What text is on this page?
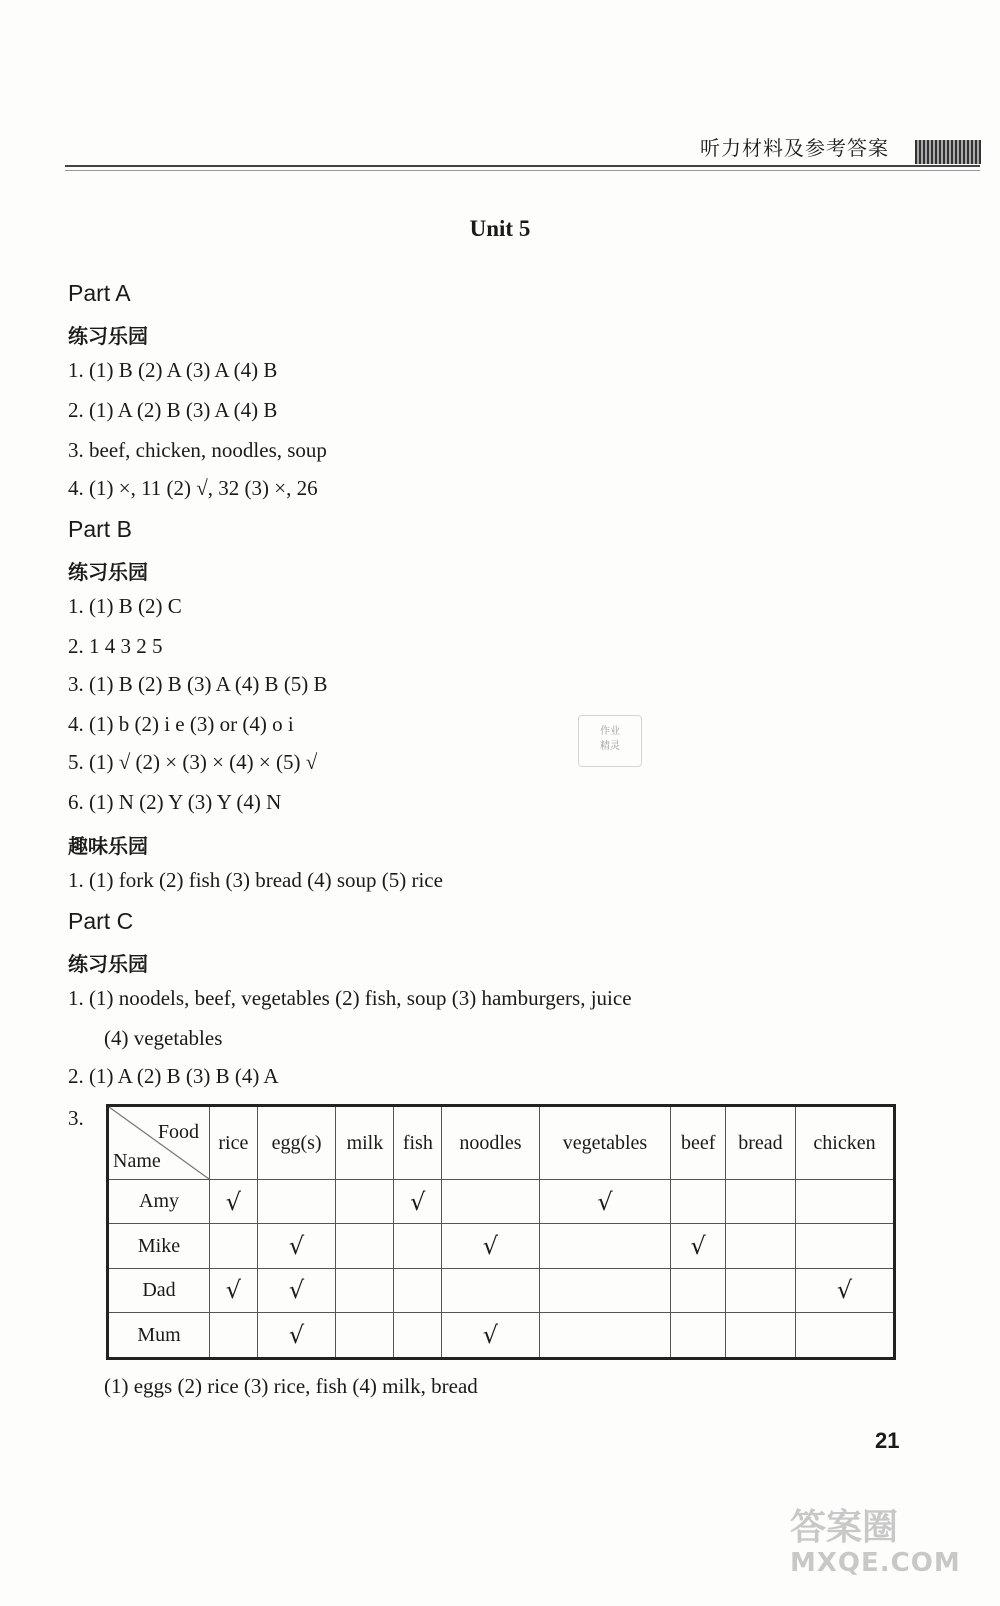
听力材料及参考答案
Unit 5
Part A
练习乐园
1. (1) B (2) A (3) A (4) B
2. (1) A (2) B (3) A (4) B
3. beef, chicken, noodles, soup
4. (1) ×, 11 (2) √, 32 (3) ×, 26
Part B
练习乐园
1. (1) B (2) C
2. 1 4 3 2 5
3. (1) B (2) B (3) A (4) B (5) B
4. (1) b (2) i e (3) or (4) o i
5. (1) √ (2) × (3) × (4) × (5) √
6. (1) N (2) Y (3) Y (4) N
趣味乐园
1. (1) fork (2) fish (3) bread (4) soup (5) rice
作业
精灵
Part C
练习乐园
1. (1) noodels, beef, vegetables (2) fish, soup (3) hamburgers, juice
(4) vegetables
2. (1) A (2) B (3) B (4) A
3.
Food
Name	rice	egg(s)	milk	fish	noodles	vegetables	beef	bread	chicken
Amy	√			√		√			
Mike		√			√		√		
Dad	√	√							√
Mum		√			√				
(1) eggs (2) rice (3) rice, fish (4) milk, bread
21
答案圈
MXQE.COM
